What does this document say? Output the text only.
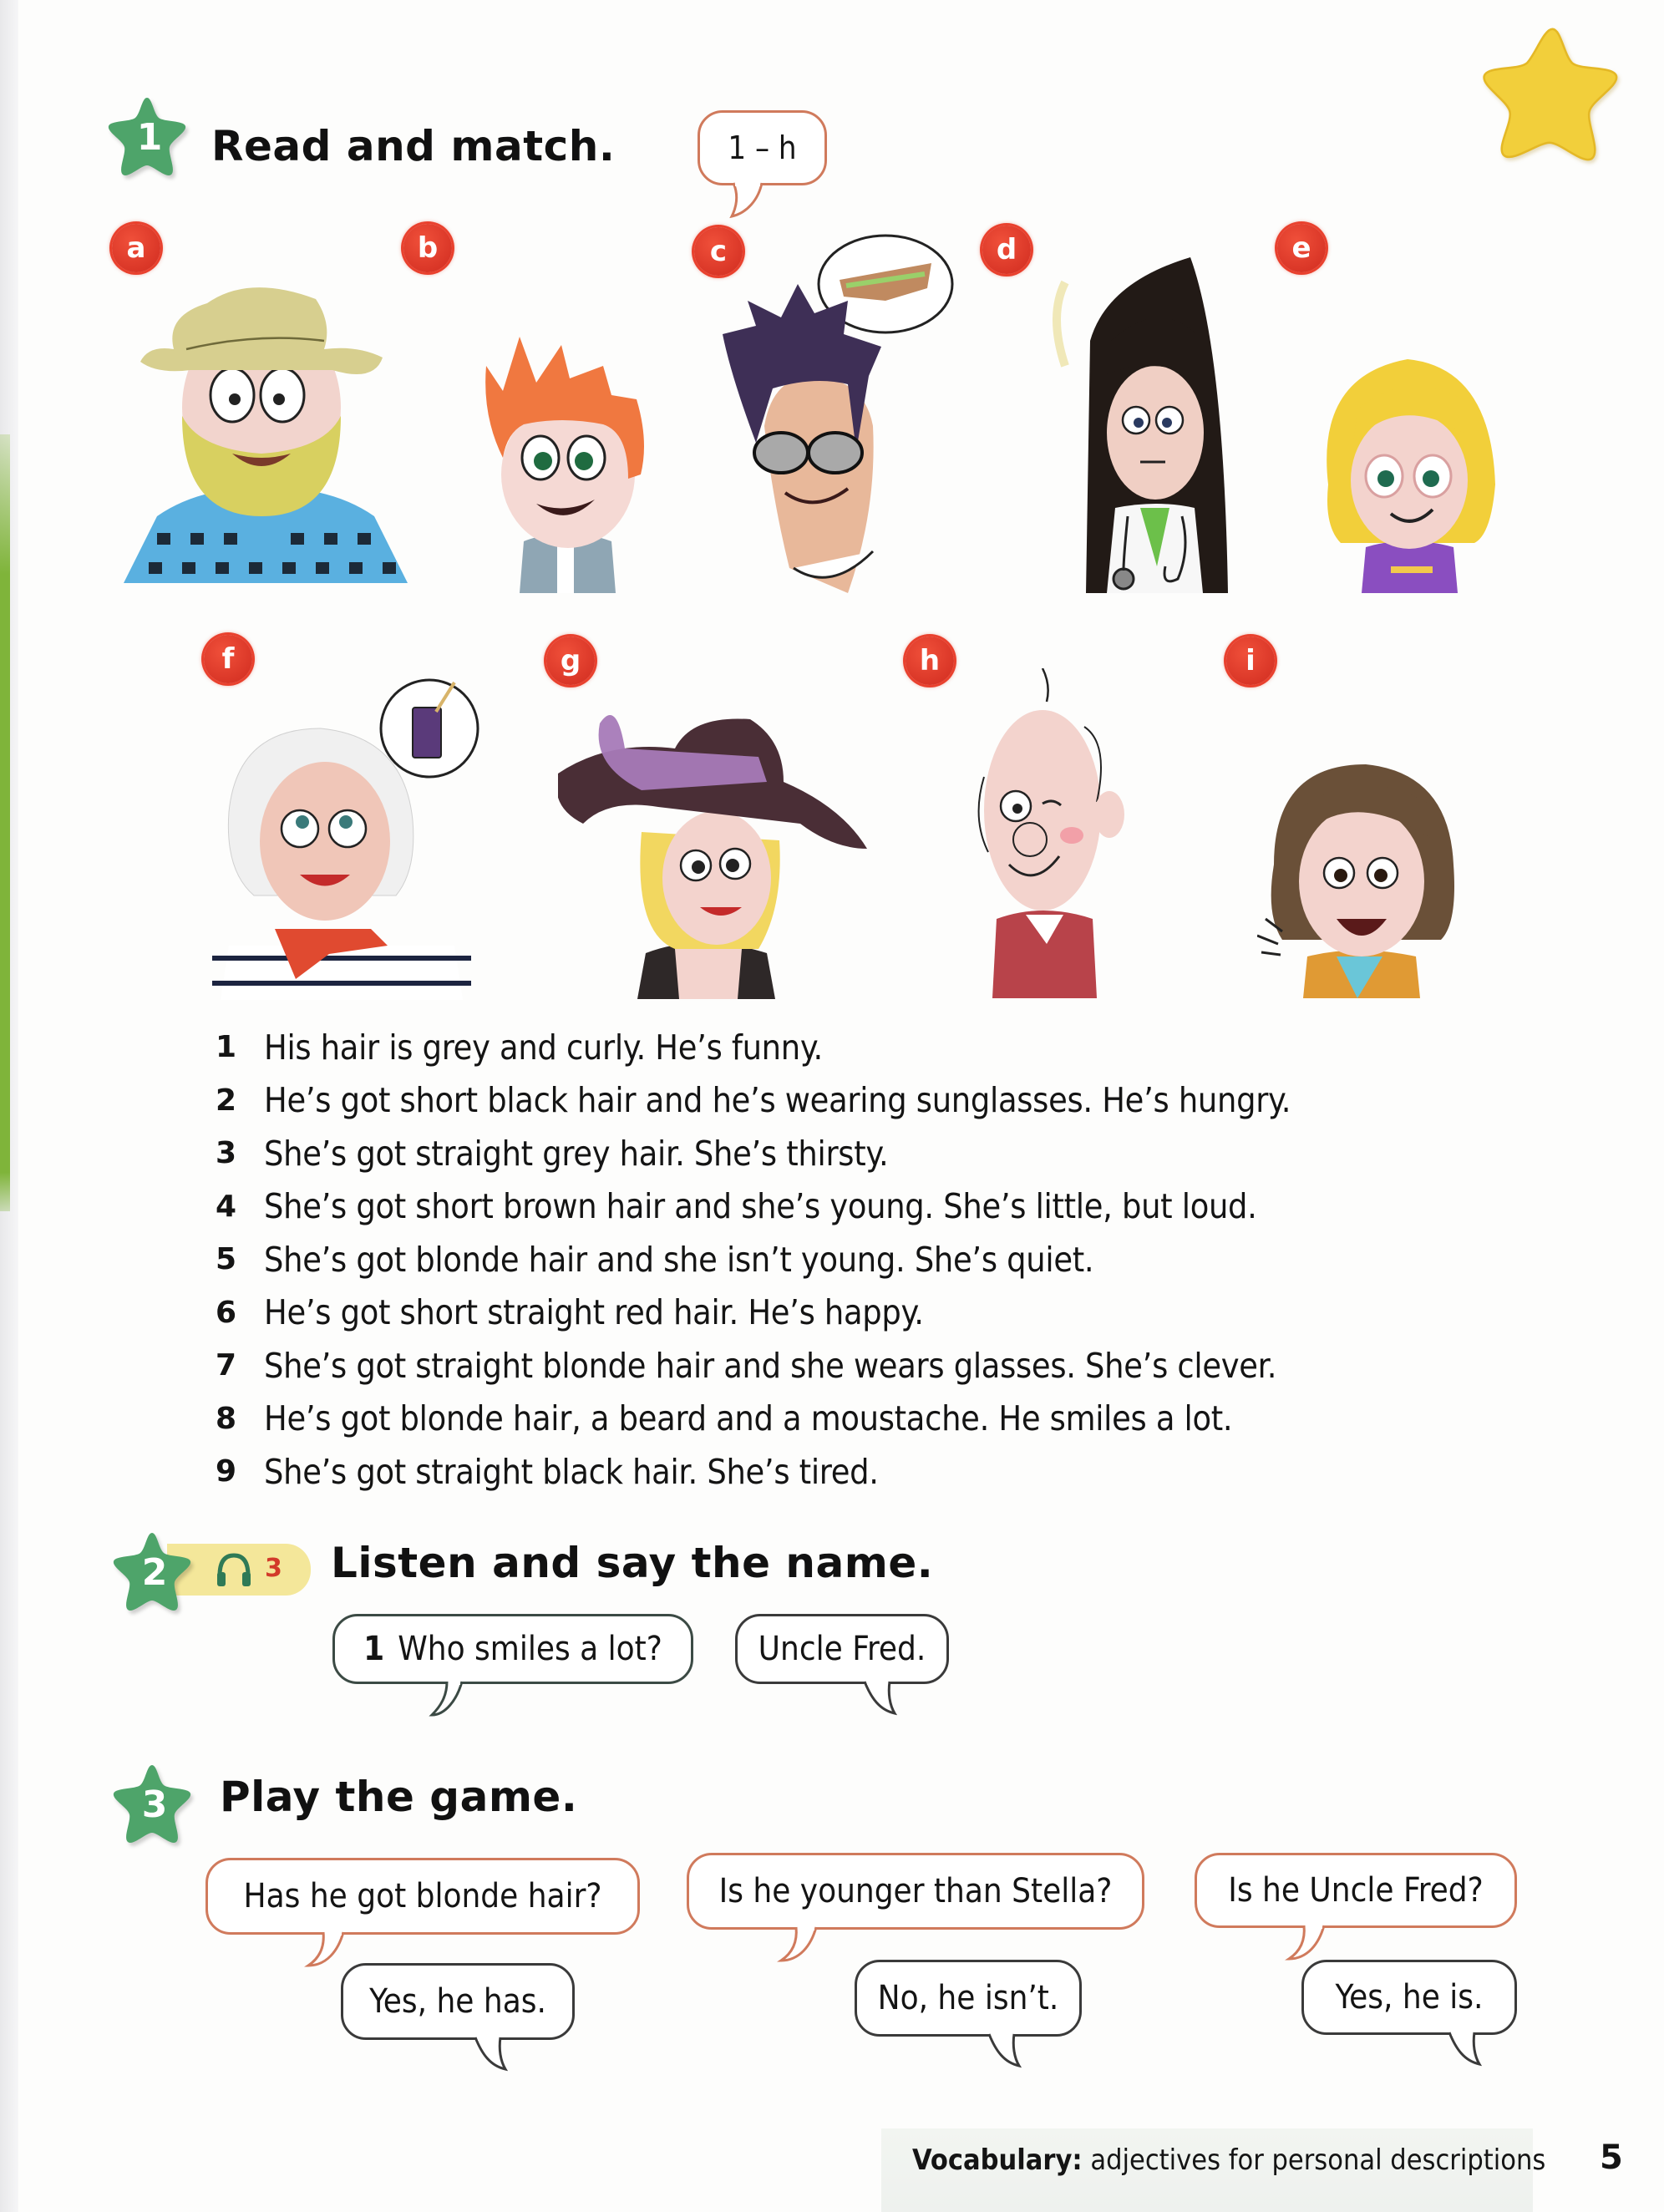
1	Read and match.	1 – h
a	b	c	d	e
f	g	h	i
1 His hair is grey and curly. He’s funny.
2 He’s got short black hair and he’s wearing sunglasses. He’s hungry.
3 She’s got straight grey hair. She’s thirsty.
4 She’s got short brown hair and she’s young. She’s little, but loud.
5 She’s got blonde hair and she isn’t young. She’s quiet.
6 He’s got short straight red hair. He’s happy.
7 She’s got straight blonde hair and she wears glasses. She’s clever.
8 He’s got blonde hair, a beard and a moustache. He smiles a lot.
9 She’s got straight black hair. She’s tired.
3
2	Listen and say the name.
1 Who smiles a lot?	Uncle Fred.
3	Play the game.
Has he got blonde hair?	Is he younger than Stella?	Is he Uncle Fred?
Yes, he has.	No, he isn’t.	Yes, he is.
Vocabulary: adjectives for personal descriptions 5
